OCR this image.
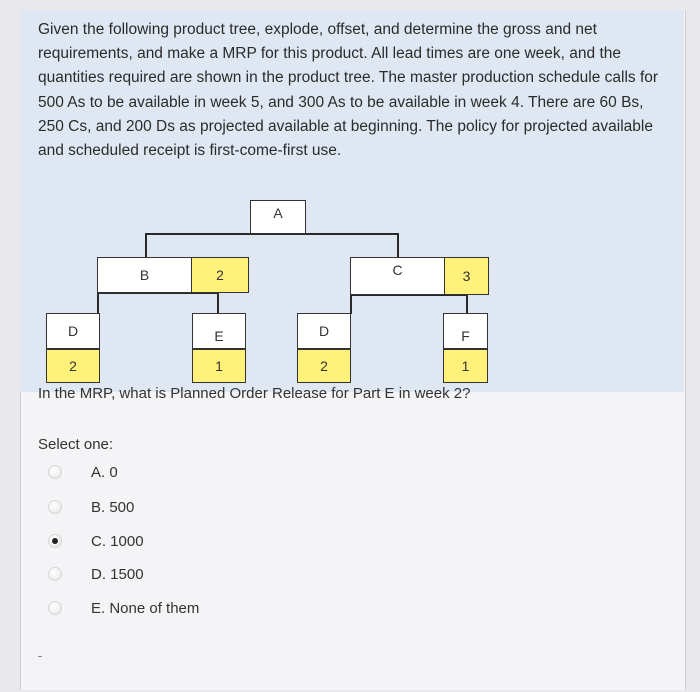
Given the following product tree, explode, offset, and determine the gross and net requirements, and make a MRP for this product. All lead times are one week, and the quantities required are shown in the product tree. The master production schedule calls for 500 As to be available in week 5, and 300 As to be available in week 4. There are 60 Bs, 250 Cs, and 200 Ds as projected available at beginning. The policy for projected available and scheduled receipt is first-come-first use.

A
B	2	C	3
D	E	D	F
2	1	2	1
In the MRP, what is Planned Order Release for Part E in week 2?
Select one:
A. 0
B. 500
C. 1000
D. 1500
E. None of them
